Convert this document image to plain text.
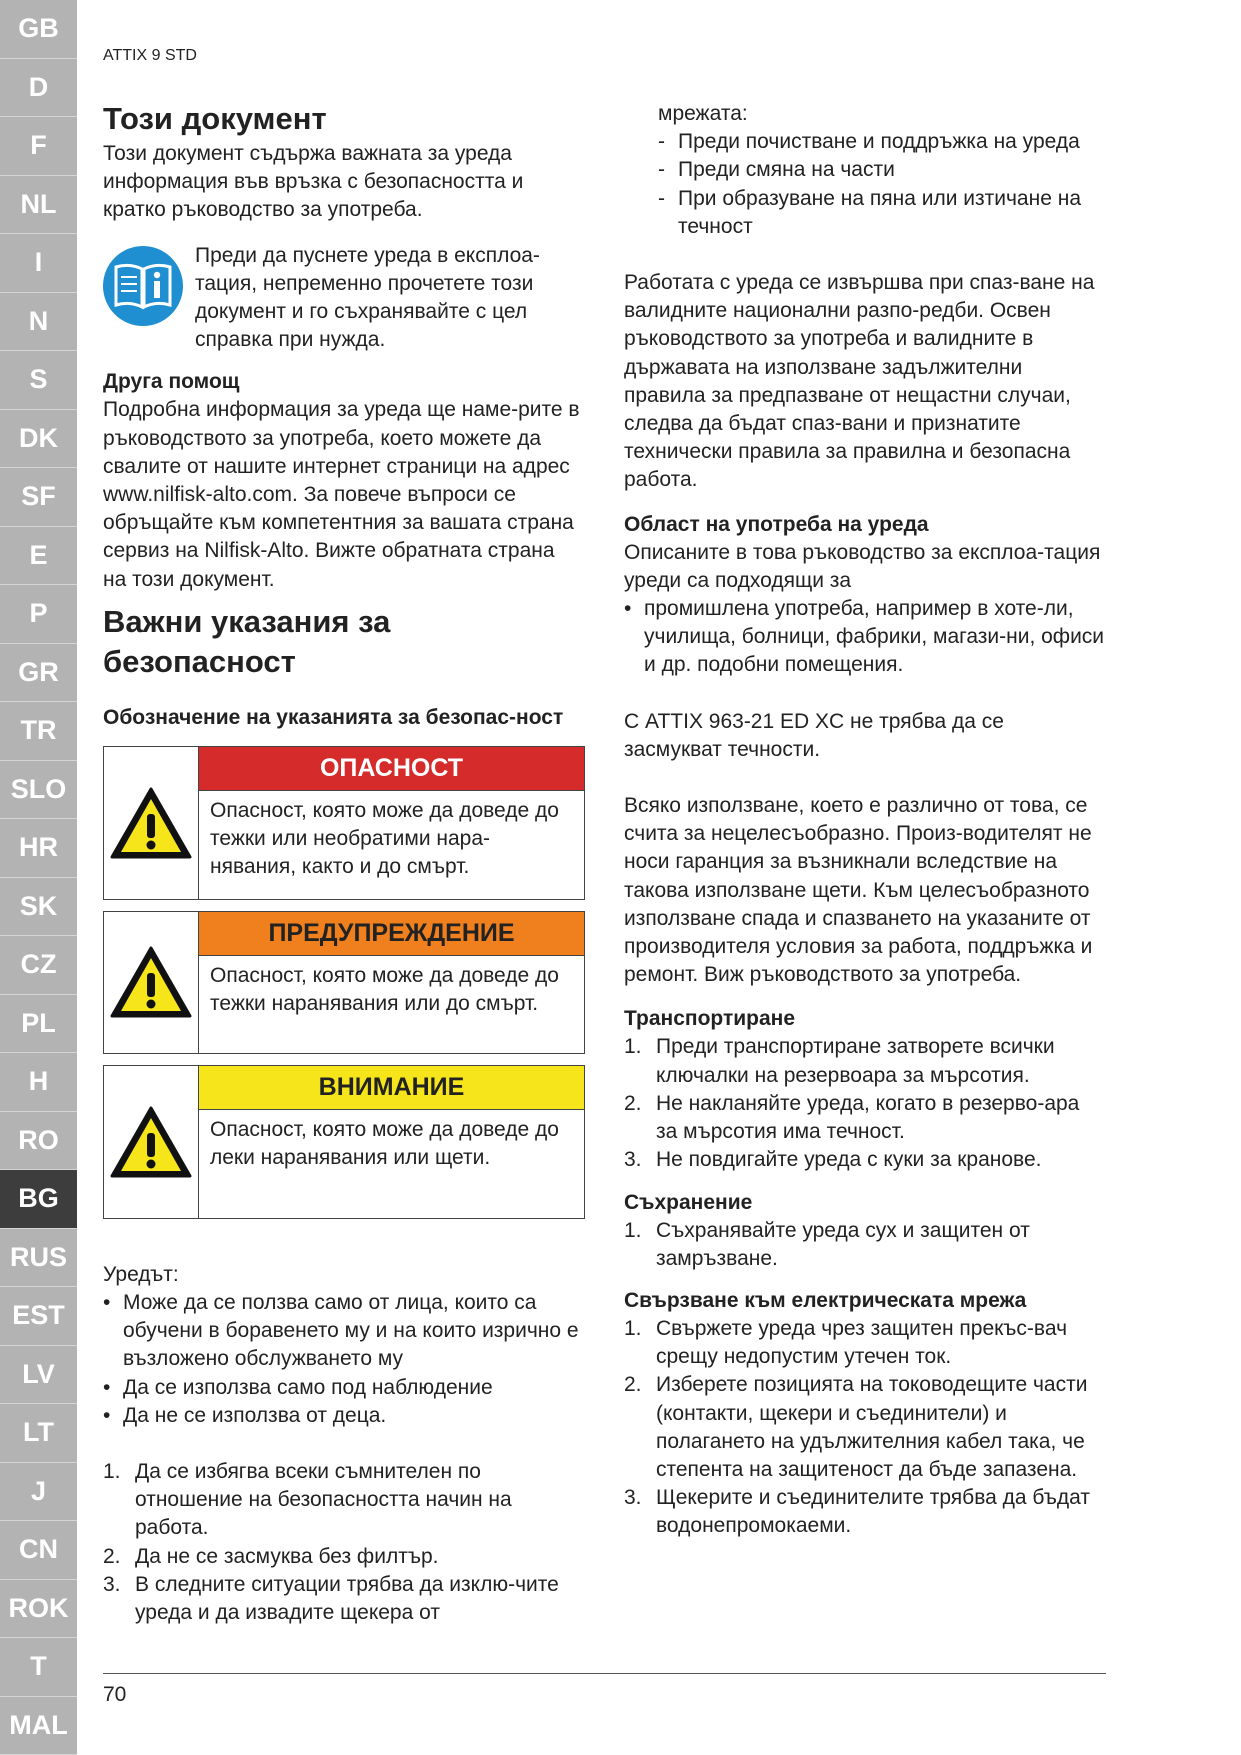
GB
D
F
NL
I
N
S
DK
SF
E
P
GR
TR
SLO
HR
SK
CZ
PL
H
RO
BG
RUS
EST
LV
LT
J
CN
ROK
T
MAL
ATTIX 9 STD
Този документ

Този документ съдържа важната за уреда информация във връзка с безопасността и кратко ръководство за употреба.

Преди да пуснете уреда в експлоа-тация, непременно прочетете този документ и го съхранявайте с цел справка при нужда.

Друга помощ

Подробна информация за уреда ще наме-рите в ръководството за употреба, което можете да свалите от нашите интернет страници на адрес www.nilfisk-alto.com. За повече въпроси се обръщайте към компетентния за вашата страна сервиз на Nilfisk-Alto. Вижте обратната страна на този документ.

Важни указания за безопасност
Обозначение на указанията за безопас-ност
ОПАСНОСТ
Опасност, която може да доведе до тежки или необратими нара-нявания, както и до смърт.
ПРЕДУПРЕЖДЕНИЕ
Опасност, която може да доведе до тежки наранявания или до смърт.
ВНИМАНИЕ
Опасност, която може да доведе до леки наранявания или щети.

Уредът:

• Може да се ползва само от лица, които са обучени в боравенето му и на които изрично е възложено обслужването му
• Да се използва само под наблюдение
• Да не се използва от деца.
1. Да се избягва всеки съмнителен по отношение на безопасността начин на работа.
2. Да не се засмуква без филтър.
3. В следните ситуации трябва да изклю-чите уреда и да извадите щекера от

мрежата:

- Преди почистване и поддръжка на уреда
- Преди смяна на части
- При образуване на пяна или изтичане на течност

Работата с уреда се извършва при спаз-ване на валидните национални разпо-редби. Освен ръководството за употреба и валидните в държавата на използване задължителни правила за предпазване от нещастни случаи, следва да бъдат спаз-вани и признатите технически правила за правилна и безопасна работа.

Област на употреба на уреда

Описаните в това ръководство за експлоа-тация уреди са подходящи за

• промишлена употреба, например в хоте-ли, училища, болници, фабрики, магази-ни, офиси и др. подобни помещения.

С ATTIX 963-21 ED XC не трябва да се засмукват течности.

Всяко използване, което е различно от това, се счита за нецелесъобразно. Произ-водителят не носи гаранция за възникнали вследствие на такова използване щети. Към целесъобразното използване спада и спазването на указаните от производителя условия за работа, поддръжка и ремонт. Виж ръководството за употреба.

Транспортиране
1. Преди транспортиране затворете всички ключалки на резервоара за мърсотия.
2. Не накланяйте уреда, когато в резерво-ара за мърсотия има течност.
3. Не повдигайте уреда с куки за кранове.
Съхранение
1. Съхранявайте уреда сух и защитен от замръзване.
Свързване към електрическата мрежа
1. Свържете уреда чрез защитен прекъс-вач срещу недопустим утечен ток.
2. Изберете позицията на тоководещите части (контакти, щекери и съединители) и полагането на удължителния кабел така, че степента на защитеност да бъде запазена.
3. Щекерите и съединителите трябва да бъдат водонепромокаеми.
70
